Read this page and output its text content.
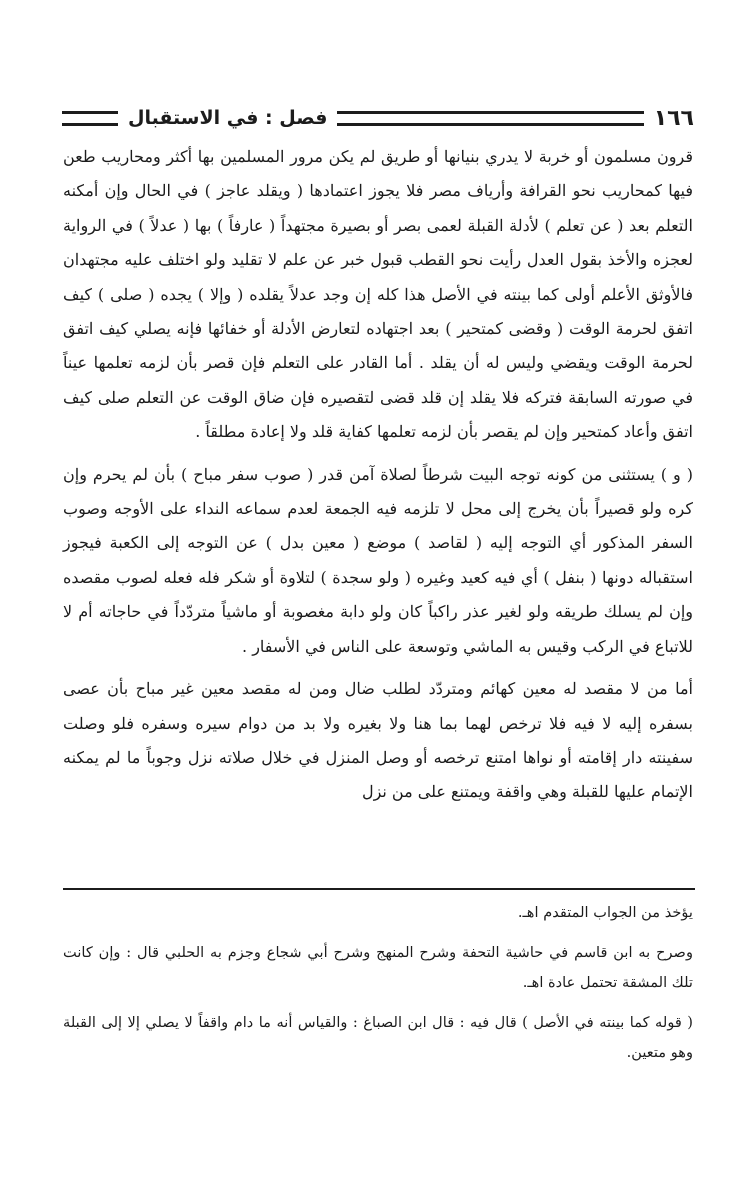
١٦٦
فصل : في الاستقبال

قرون مسلمون أو خربة لا يدري بنيانها أو طريق لم يكن مرور المسلمين بها أكثر ومحاريب طعن فيها كمحاريب نحو القرافة وأرياف مصر فلا يجوز اعتمادها ( ويقلد عاجز ) في الحال وإن أمكنه التعلم بعد ( عن تعلم ) لأدلة القبلة لعمى بصر أو بصيرة مجتهداً ( عارفاً ) بها ( عدلاً ) في الرواية لعجزه والأخذ بقول العدل رأيت نحو القطب قبول خبر عن علم لا تقليد ولو اختلف عليه مجتهدان فالأوثق الأعلم أولى كما بينته في الأصل هذا كله إن وجد عدلاً يقلده ( وإلا ) يجده ( صلى ) كيف اتفق لحرمة الوقت ( وقضى كمتحير ) بعد اجتهاده لتعارض الأدلة أو خفائها فإنه يصلي كيف اتفق لحرمة الوقت ويقضي وليس له أن يقلد . أما القادر على التعلم فإن قصر بأن لزمه تعلمها عيناً في صورته السابقة فتركه فلا يقلد إن قلد قضى لتقصيره فإن ضاق الوقت عن التعلم صلى كيف اتفق وأعاد كمتحير وإن لم يقصر بأن لزمه تعلمها كفاية قلد ولا إعادة مطلقاً .

( و ) يستثنى من كونه توجه البيت شرطاً لصلاة آمن قدر ( صوب سفر مباح ) بأن لم يحرم وإن كره ولو قصيراً بأن يخرج إلى محل لا تلزمه فيه الجمعة لعدم سماعه النداء على الأوجه وصوب السفر المذكور أي التوجه إليه ( لقاصد ) موضع ( معين بدل ) عن التوجه إلى الكعبة فيجوز استقباله دونها ( بنفل ) أي فيه كعيد وغيره ( ولو سجدة ) لتلاوة أو شكر فله فعله لصوب مقصده وإن لم يسلك طريقه ولو لغير عذر راكباً كان ولو دابة مغصوبة أو ماشياً متردّداً في حاجاته أم لا للاتباع في الركب وقيس به الماشي وتوسعة على الناس في الأسفار .

أما من لا مقصد له معين كهائم ومتردّد لطلب ضال ومن له مقصد معين غير مباح بأن عصى بسفره إليه لا فيه فلا ترخص لهما بما هنا ولا بغيره ولا بد من دوام سيره وسفره فلو وصلت سفينته دار إقامته أو نواها امتنع ترخصه أو وصل المنزل في خلال صلاته نزل وجوباً ما لم يمكنه الإتمام عليها للقبلة وهي واقفة ويمتنع على من نزل

يؤخذ من الجواب المتقدم اهـ.

وصرح به ابن قاسم في حاشية التحفة وشرح المنهج وشرح أبي شجاع وجزم به الحلبي قال : وإن كانت تلك المشقة تحتمل عادة اهـ.

( قوله كما بينته في الأصل ) قال فيه : قال ابن الصباغ : والقياس أنه ما دام واقفاً لا يصلي إلا إلى القبلة وهو متعين.
